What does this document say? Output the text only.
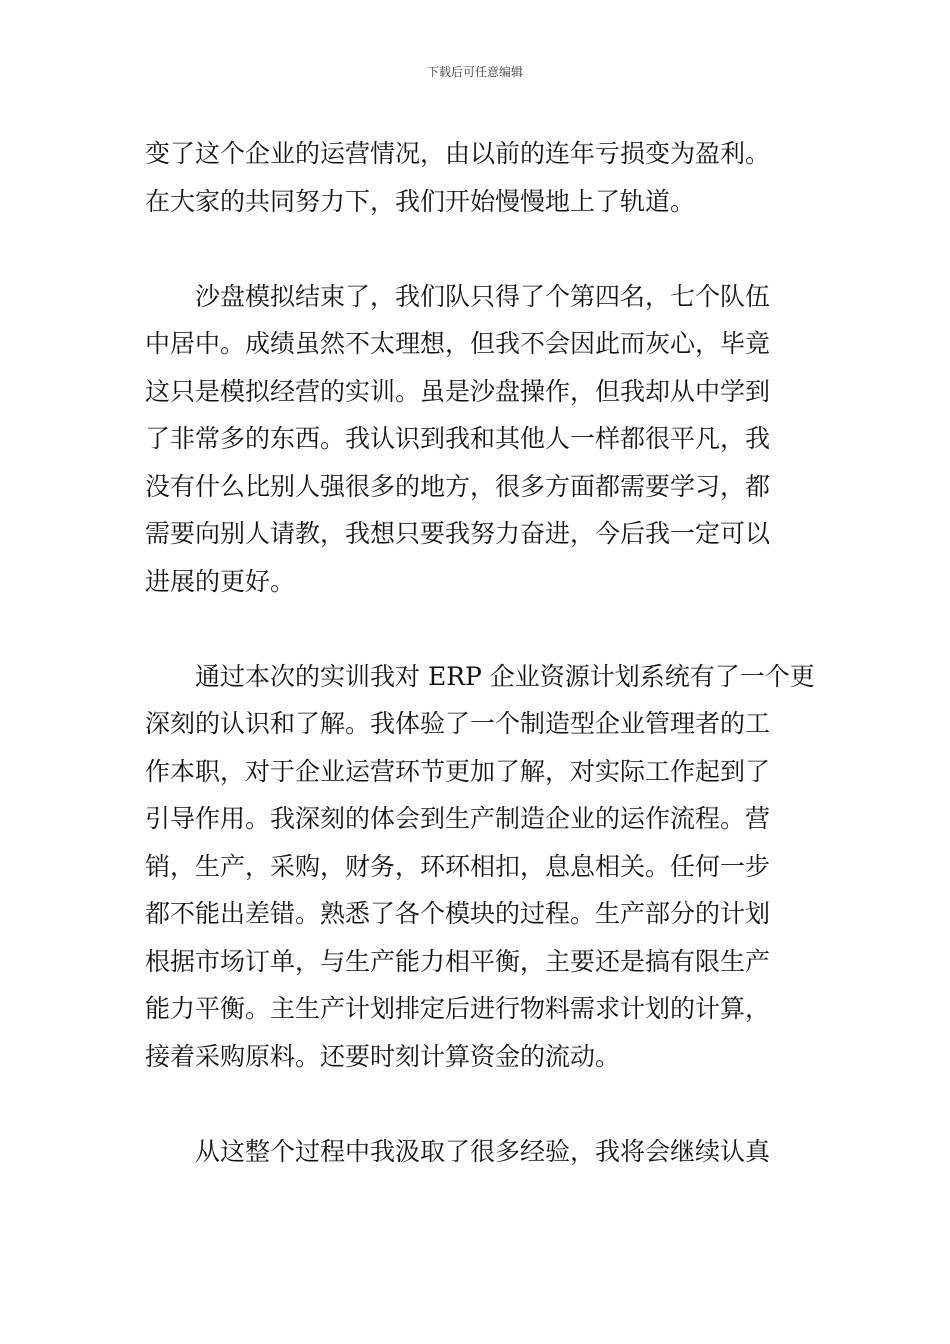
下载后可任意编辑
变了这个企业的运营情况，由以前的连年亏损变为盈利。
在大家的共同努力下，我们开始慢慢地上了轨道。
沙盘模拟结束了，我们队只得了个第四名，七个队伍
中居中。成绩虽然不太理想，但我不会因此而灰心，毕竟
这只是模拟经营的实训。虽是沙盘操作，但我却从中学到
了非常多的东西。我认识到我和其他人一样都很平凡，我
没有什么比别人强很多的地方，很多方面都需要学习，都
需要向别人请教，我想只要我努力奋进，今后我一定可以
进展的更好。
通过本次的实训我对 ERP 企业资源计划系统有了一个更
深刻的认识和了解。我体验了一个制造型企业管理者的工
作本职，对于企业运营环节更加了解，对实际工作起到了
引导作用。我深刻的体会到生产制造企业的运作流程。营
销，生产，采购，财务，环环相扣，息息相关。任何一步
都不能出差错。熟悉了各个模块的过程。生产部分的计划
根据市场订单，与生产能力相平衡，主要还是搞有限生产
能力平衡。主生产计划排定后进行物料需求计划的计算，
接着采购原料。还要时刻计算资金的流动。
从这整个过程中我汲取了很多经验，我将会继续认真
